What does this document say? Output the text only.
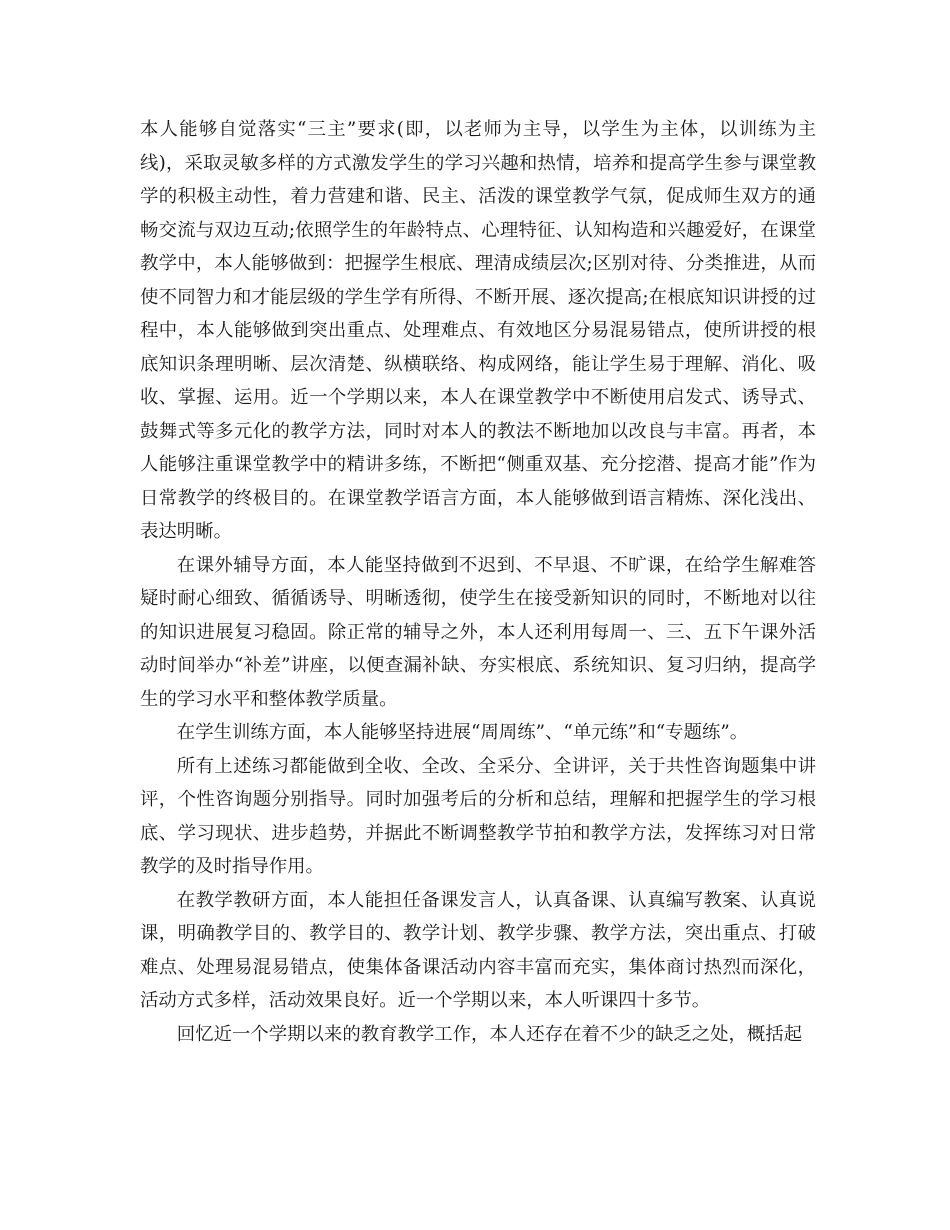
本人能够自觉落实“三主”要求(即，以老师为主导，以学生为主体，以训练为主线)，采取灵敏多样的方式激发学生的学习兴趣和热情，培养和提高学生参与课堂教学的积极主动性，着力营建和谐、民主、活泼的课堂教学气氛，促成师生双方的通畅交流与双边互动;依照学生的年龄特点、心理特征、认知构造和兴趣爱好，在课堂教学中，本人能够做到：把握学生根底、理清成绩层次;区别对待、分类推进，从而使不同智力和才能层级的学生学有所得、不断开展、逐次提高;在根底知识讲授的过程中，本人能够做到突出重点、处理难点、有效地区分易混易错点，使所讲授的根底知识条理明晰、层次清楚、纵横联络、构成网络，能让学生易于理解、消化、吸收、掌握、运用。近一个学期以来，本人在课堂教学中不断使用启发式、诱导式、鼓舞式等多元化的教学方法，同时对本人的教法不断地加以改良与丰富。再者，本人能够注重课堂教学中的精讲多练，不断把“侧重双基、充分挖潜、提高才能”作为日常教学的终极目的。在课堂教学语言方面，本人能够做到语言精炼、深化浅出、表达明晰。

在课外辅导方面，本人能坚持做到不迟到、不早退、不旷课，在给学生解难答疑时耐心细致、循循诱导、明晰透彻，使学生在接受新知识的同时，不断地对以往的知识进展复习稳固。除正常的辅导之外，本人还利用每周一、三、五下午课外活动时间举办“补差”讲座，以便查漏补缺、夯实根底、系统知识、复习归纳，提高学生的学习水平和整体教学质量。

在学生训练方面，本人能够坚持进展“周周练”、“单元练”和“专题练”。

所有上述练习都能做到全收、全改、全采分、全讲评，关于共性咨询题集中讲评，个性咨询题分别指导。同时加强考后的分析和总结，理解和把握学生的学习根底、学习现状、进步趋势，并据此不断调整教学节拍和教学方法，发挥练习对日常教学的及时指导作用。

在教学教研方面，本人能担任备课发言人，认真备课、认真编写教案、认真说课，明确教学目的、教学目的、教学计划、教学步骤、教学方法，突出重点、打破难点、处理易混易错点，使集体备课活动内容丰富而充实，集体商讨热烈而深化，活动方式多样，活动效果良好。近一个学期以来，本人听课四十多节。

回忆近一个学期以来的教育教学工作，本人还存在着不少的缺乏之处，概括起
